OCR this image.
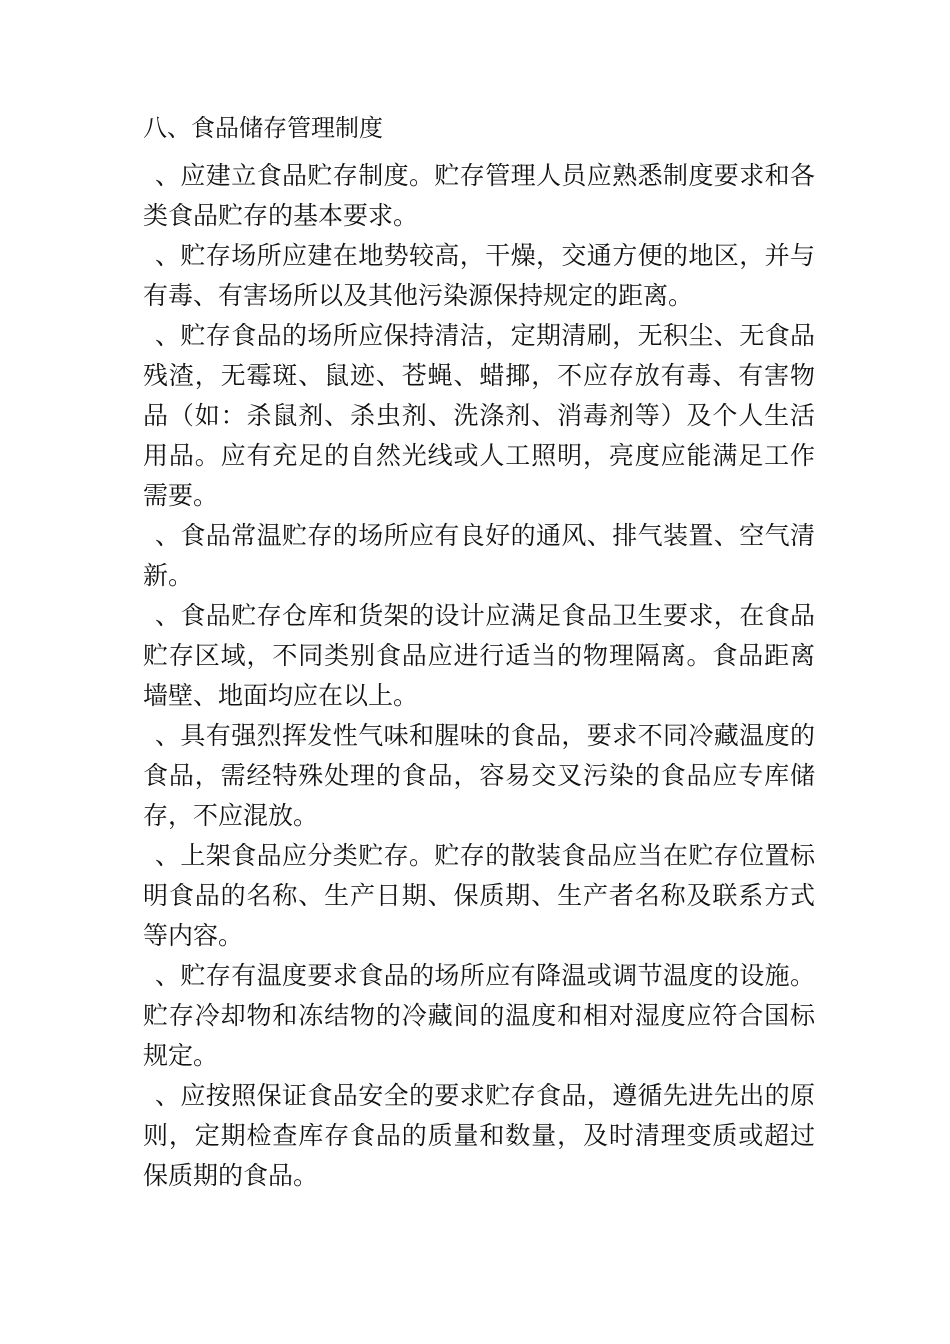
八、食品储存管理制度

、应建立食品贮存制度。贮存管理人员应熟悉制度要求和各类食品贮存的基本要求。

、贮存场所应建在地势较高，干燥，交通方便的地区，并与有毒、有害场所以及其他污染源保持规定的距离。

、贮存食品的场所应保持清洁，定期清刷，无积尘、无食品残渣，无霉斑、鼠迹、苍蝇、蜡揶，不应存放有毒、有害物品（如：杀鼠剂、杀虫剂、洗涤剂、消毒剂等）及个人生活用品。应有充足的自然光线或人工照明，亮度应能满足工作需要。

、食品常温贮存的场所应有良好的通风、排气装置、空气清新。

、食品贮存仓库和货架的设计应满足食品卫生要求，在食品贮存区域，不同类别食品应进行适当的物理隔离。食品距离墙壁、地面均应在以上。

、具有强烈挥发性气味和腥味的食品，要求不同冷藏温度的食品，需经特殊处理的食品，容易交叉污染的食品应专库储存，不应混放。

、上架食品应分类贮存。贮存的散装食品应当在贮存位置标明食品的名称、生产日期、保质期、生产者名称及联系方式等内容。

、贮存有温度要求食品的场所应有降温或调节温度的设施。贮存冷却物和冻结物的冷藏间的温度和相对湿度应符合国标规定。

、应按照保证食品安全的要求贮存食品，遵循先进先出的原则，定期检查库存食品的质量和数量，及时清理变质或超过保质期的食品。
